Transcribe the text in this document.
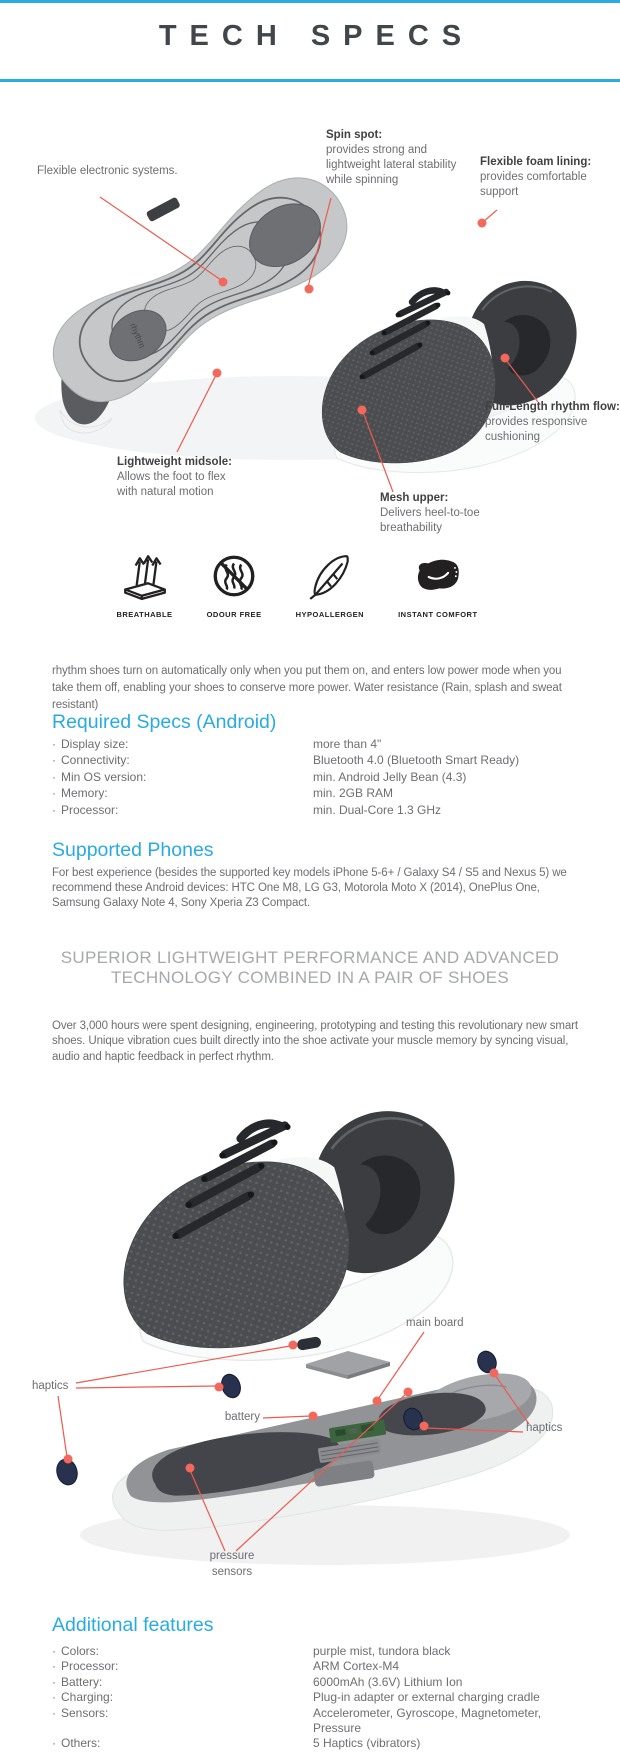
TECH SPECS
rhythm
Flexible electronic systems.
Spin spot:
provides strong and
lightweight lateral stability
while spinning
Flexible foam lining:
provides comfortable
support
Full-Length rhythm flow:
provides responsive
cushioning
Lightweight midsole:
Allows the foot to flex
with natural motion	Mesh upper:
Delivers heel-to-toe
breathability
BREATHABLE	ODOUR FREE	HYPOALLERGEN	INSTANT COMFORT
rhythm shoes turn on automatically only when you put them on, and enters low power mode when you take them off, enabling your shoes to conserve more power. Water resistance (Rain, splash and sweat resistant)
Required Specs (Android)
· Display size:	more than 4"
· Connectivity:	Bluetooth 4.0 (Bluetooth Smart Ready)
· Min OS version:	min. Android Jelly Bean (4.3)
· Memory:	min. 2GB RAM
· Processor:	min. Dual-Core 1.3 GHz
Supported Phones
For best experience (besides the supported key models iPhone 5-6+ / Galaxy S4 / S5 and Nexus 5) we recommend these Android devices: HTC One M8, LG G3, Motorola Moto X (2014), OnePlus One, Samsung Galaxy Note 4, Sony Xperia Z3 Compact.
SUPERIOR LIGHTWEIGHT PERFORMANCE AND ADVANCED
TECHNOLOGY COMBINED IN A PAIR OF SHOES
Over 3,000 hours were spent designing, engineering, prototyping and testing this revolutionary new smart shoes. Unique vibration cues built directly into the shoe activate your muscle memory by syncing visual, audio and haptic feedback in perfect rhythm.
main board
haptics
battery
haptics
pressure
sensors
Additional features
· Colors:	purple mist, tundora black
· Processor:	ARM Cortex-M4
· Battery:	6000mAh (3.6V) Lithium Ion
· Charging:	Plug-in adapter or external charging cradle
· Sensors:	Accelerometer, Gyroscope, Magnetometer, Pressure
· Others:	5 Haptics (vibrators)
